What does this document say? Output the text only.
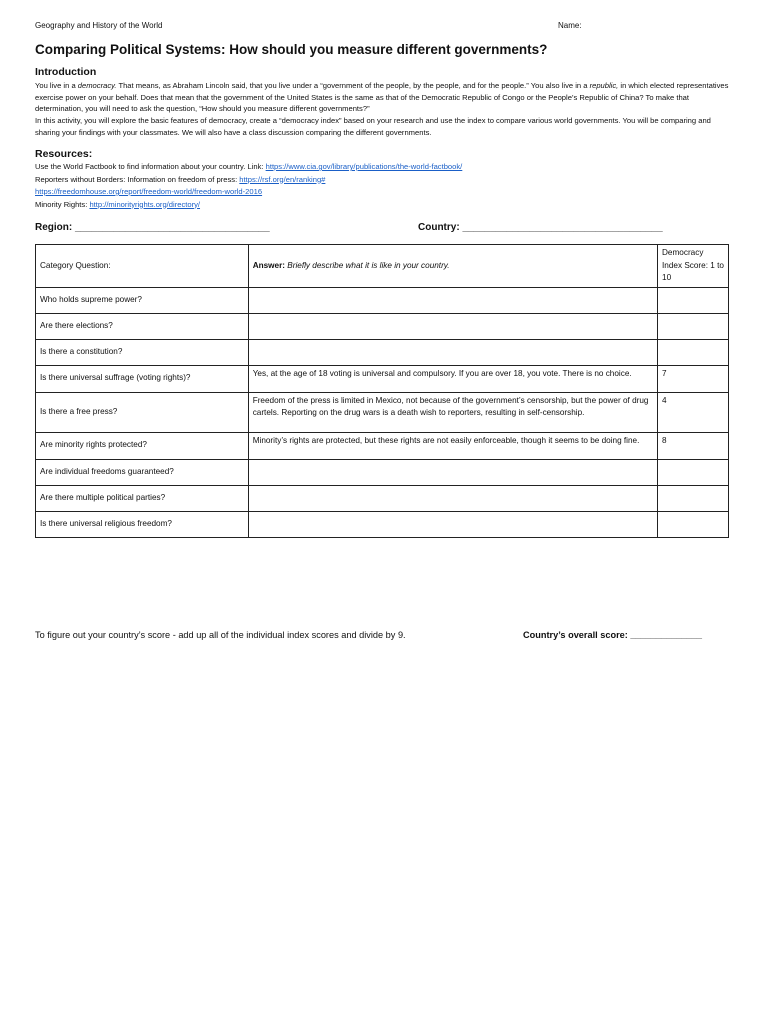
Geography and History of the World	Name:
Comparing Political Systems: How should you measure different governments?
Introduction

You live in a democracy. That means, as Abraham Lincoln said, that you live under a “government of the people, by the people, and for the people.” You also live in a republic, in which elected representatives exercise power on your behalf. Does that mean that the government of the United States is the same as that of the Democratic Republic of Congo or the People’s Republic of China? To make that determination, you will need to ask the question, “How should you measure different governments?”

In this activity, you will explore the basic features of democracy, create a “democracy index” based on your research and use the index to compare various world governments. You will be comparing and sharing your findings with your classmates. We will also have a class discussion comparing the different governments.

Resources:
Use the World Factbook to find information about your country. Link: https://www.cia.gov/library/publications/the-world-factbook/
Reporters without Borders: Information on freedom of press: https://rsf.org/en/ranking#
https://freedomhouse.org/report/freedom-world/freedom-world-2016
Minority Rights: http://minorityrights.org/directory/
Region: ___________________________________	Country: ____________________________________
Category Question:	Answer: Briefly describe what it is like in your country.	Democracy Index Score: 1 to 10
Who holds supreme power?		
Are there elections?		
Is there a constitution?		
Is there universal suffrage (voting rights)?	Yes, at the age of 18 voting is universal and compulsory. If you are over 18, you vote. There is no choice.	7
Is there a free press?	Freedom of the press is limited in Mexico, not because of the government’s censorship, but the power of drug cartels. Reporting on the drug wars is a death wish to reporters, resulting in self-censorship.	4
Are minority rights protected?	Minority’s rights are protected, but these rights are not easily enforceable, though it seems to be doing fine.	8
Are individual freedoms guaranteed?		
Are there multiple political parties?		
Is there universal religious freedom?		
To figure out your country’s score - add up all of the individual index scores and divide by 9.	Country’s overall score: ______________
